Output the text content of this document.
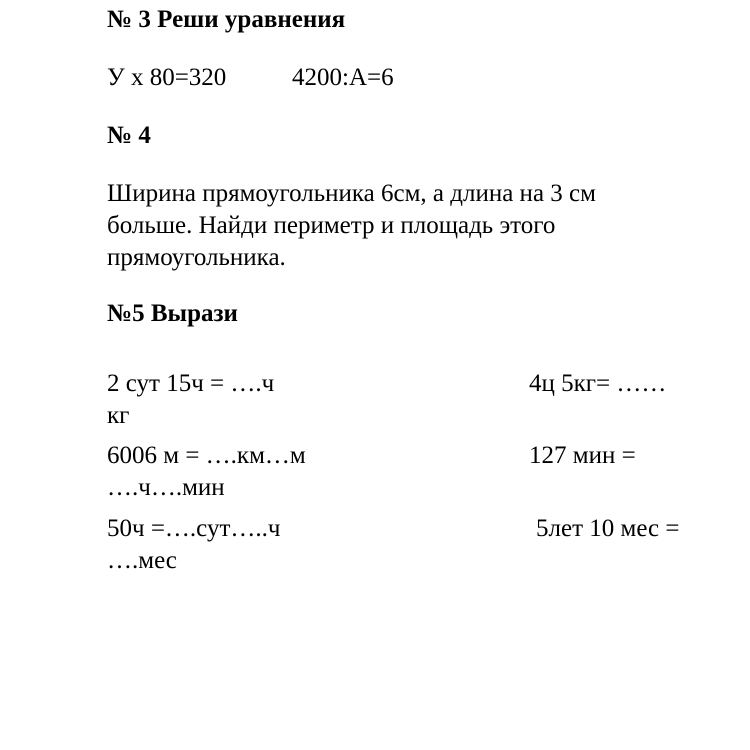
№ 3 Реши уравнения
У х 80=320	4200:А=6
№ 4
Ширина прямоугольника 6см, а длина на 3 см больше. Найди периметр и площадь этого прямоугольника.
№5 Вырази
2 сут 15ч = ….ч	4ц 5кг= ……
кг
6006 м = ….км…м	127 мин =
….ч….мин
50ч =….сут…..ч	5лет 10 мес =
….мес
